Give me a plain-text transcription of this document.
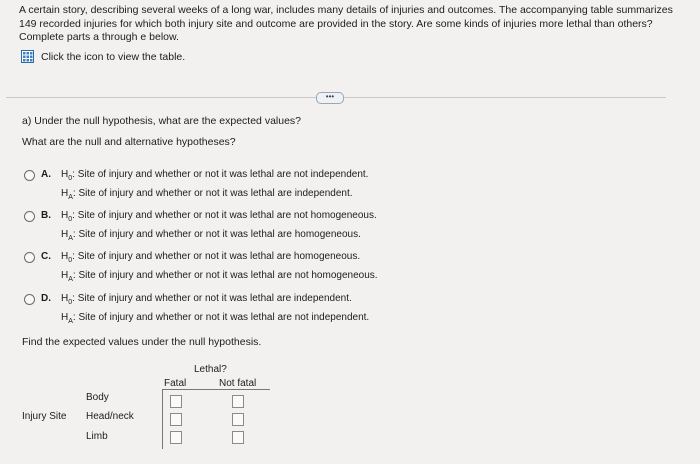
A certain story, describing several weeks of a long war, includes many details of injuries and outcomes. The accompanying table summarizes

149 recorded injuries for which both injury site and outcome are provided in the story. Are some kinds of injuries more lethal than others?

Complete parts a through e below.

Click the icon to view the table.
•••
a) Under the null hypothesis, what are the expected values?
What are the null and alternative hypotheses?
A.	$H_0$: Site of injury and whether or not it was lethal are not independent.
$H_A$: Site of injury and whether or not it was lethal are independent.
B.	$H_0$: Site of injury and whether or not it was lethal are not homogeneous.
$H_A$: Site of injury and whether or not it was lethal are homogeneous.
C.	$H_0$: Site of injury and whether or not it was lethal are homogeneous.
$H_A$: Site of injury and whether or not it was lethal are not homogeneous.
D.	$H_0$: Site of injury and whether or not it was lethal are independent.
$H_A$: Site of injury and whether or not it was lethal are not independent.
Find the expected values under the null hypothesis.
Lethal?
Fatal	Not fatal
Injury Site
Body
Head/neck
Limb
